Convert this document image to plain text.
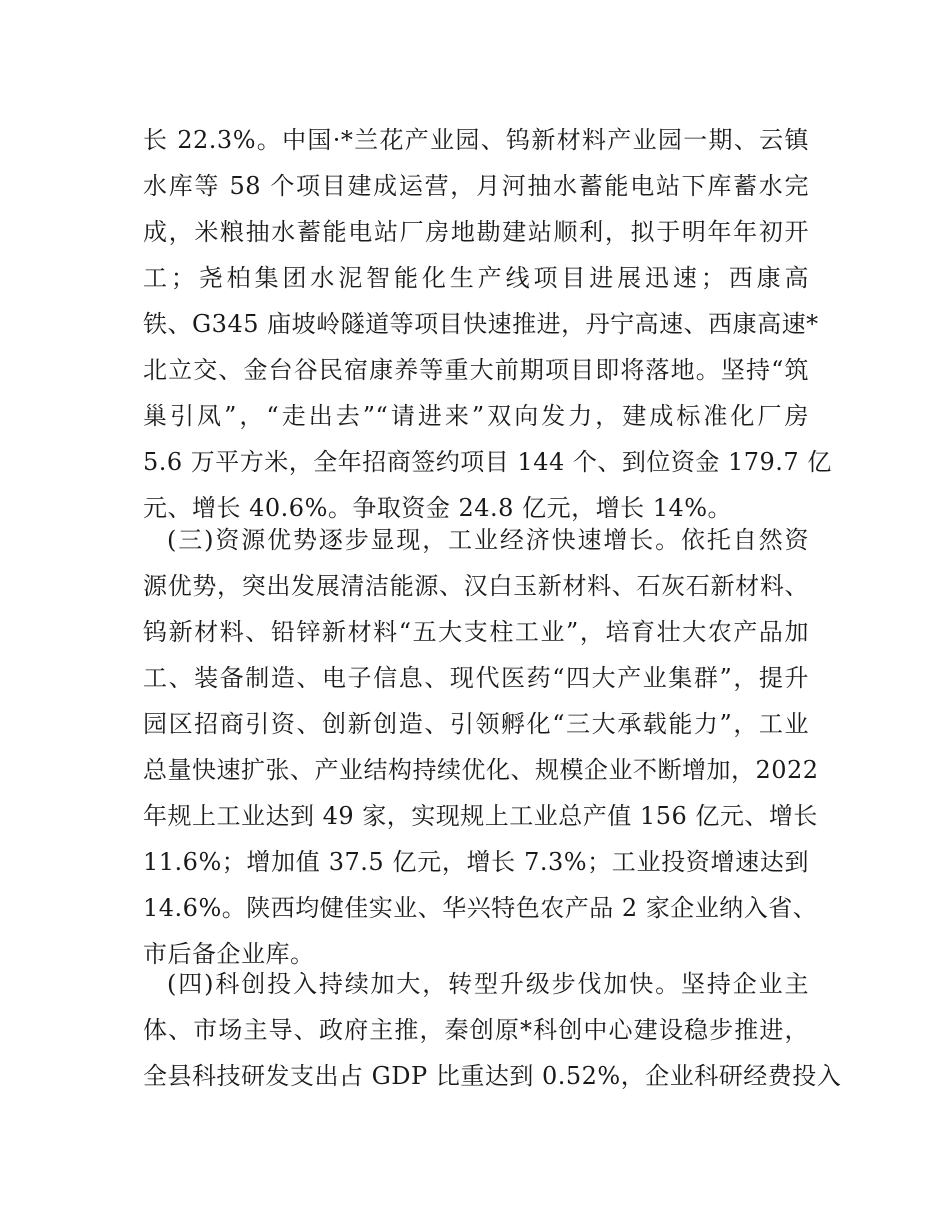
长 22.3%。中国·*兰花产业园、钨新材料产业园一期、云镇
水库等 58 个项目建成运营，月河抽水蓄能电站下库蓄水完
成，米粮抽水蓄能电站厂房地勘建站顺利，拟于明年年初开
工；尧柏集团水泥智能化生产线项目进展迅速；西康高
铁、G345 庙坡岭隧道等项目快速推进，丹宁高速、西康高速*
北立交、金台谷民宿康养等重大前期项目即将落地。坚持“筑
巢引凤”，“走出去”“请进来”双向发力，建成标准化厂房
5.6 万平方米，全年招商签约项目 144 个、到位资金 179.7 亿
元、增长 40.6%。争取资金 24.8 亿元，增长 14%。
(三)资源优势逐步显现，工业经济快速增长。依托自然资
源优势，突出发展清洁能源、汉白玉新材料、石灰石新材料、
钨新材料、铅锌新材料“五大支柱工业”，培育壮大农产品加
工、装备制造、电子信息、现代医药“四大产业集群”，提升
园区招商引资、创新创造、引领孵化“三大承载能力”，工业
总量快速扩张、产业结构持续优化、规模企业不断增加，2022
年规上工业达到 49 家，实现规上工业总产值 156 亿元、增长
11.6%；增加值 37.5 亿元，增长 7.3%；工业投资增速达到
14.6%。陕西均健佳实业、华兴特色农产品 2 家企业纳入省、
市后备企业库。
(四)科创投入持续加大，转型升级步伐加快。坚持企业主
体、市场主导、政府主推，秦创原*科创中心建设稳步推进，
全县科技研发支出占 GDP 比重达到 0.52%，企业科研经费投入
